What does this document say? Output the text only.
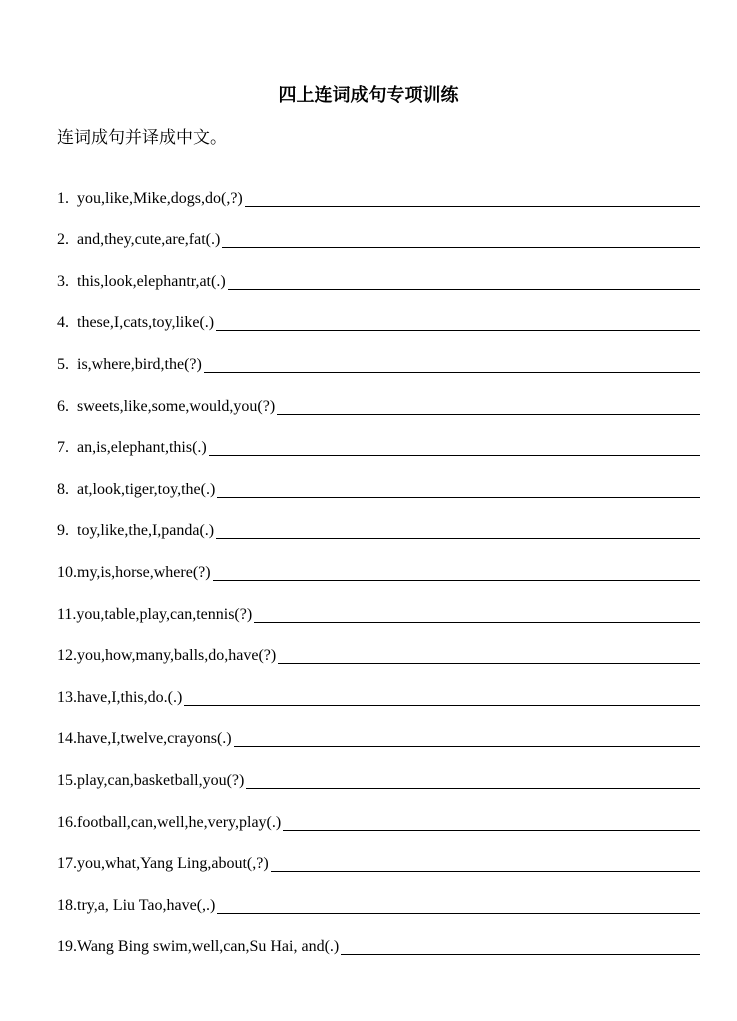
四上连词成句专项训练
连词成句并译成中文。
1. you,like,Mike,dogs,do(,?)
2. and,they,cute,are,fat(.)
3. this,look,elephantr,at(.)
4. these,I,cats,toy,like(.)
5. is,where,bird,the(?)
6. sweets,like,some,would,you(?)
7. an,is,elephant,this(.)
8. at,look,tiger,toy,the(.)
9. toy,like,the,I,panda(.)
10. my,is,horse,where(?)
11. you,table,play,can,tennis(?)
12. you,how,many,balls,do,have(?)
13. have,I,this,do.(.)
14. have,I,twelve,crayons(.)
15. play,can,basketball,you(?)
16. football,can,well,he,very,play(.)
17. you,what,Yang Ling,about(,?)
18. try,a, Liu Tao,have(,.)
19. Wang Bing swim,well,can,Su Hai, and(.)
